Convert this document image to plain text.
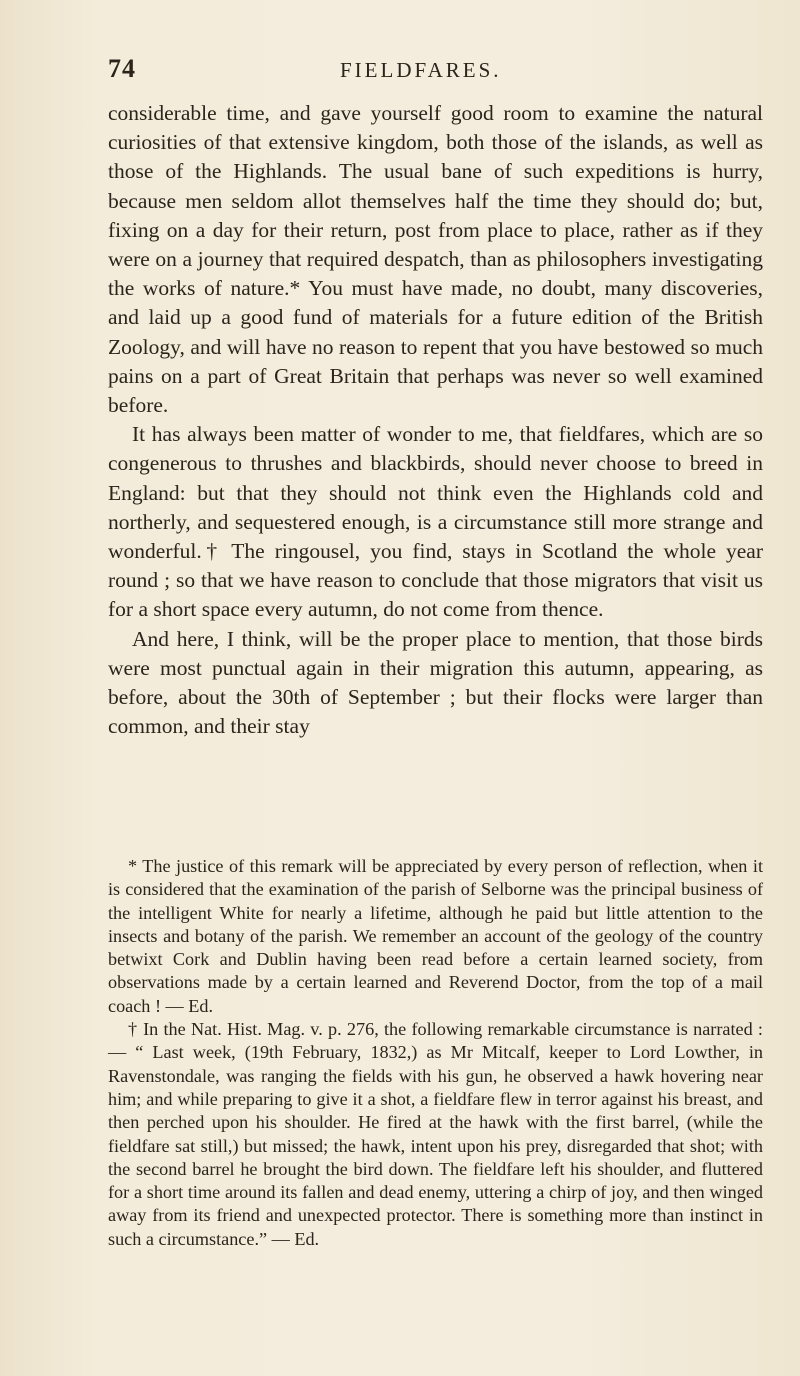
74	FIELDFARES.

considerable time, and gave yourself good room to examine the natural curiosities of that extensive kingdom, both those of the islands, as well as those of the Highlands. The usual bane of such expeditions is hurry, because men seldom allot themselves half the time they should do; but, fixing on a day for their return, post from place to place, rather as if they were on a journey that required despatch, than as philosophers investigating the works of nature.* You must have made, no doubt, many discoveries, and laid up a good fund of materials for a future edition of the British Zoology, and will have no reason to repent that you have bestowed so much pains on a part of Great Britain that perhaps was never so well examined before.

It has always been matter of wonder to me, that fieldfares, which are so congenerous to thrushes and blackbirds, should never choose to breed in England: but that they should not think even the Highlands cold and northerly, and sequestered enough, is a circumstance still more strange and wonderful.† The ringousel, you find, stays in Scotland the whole year round ; so that we have reason to conclude that those migrators that visit us for a short space every autumn, do not come from thence.

And here, I think, will be the proper place to mention, that those birds were most punctual again in their migration this autumn, appearing, as before, about the 30th of September ; but their flocks were larger than common, and their stay

* The justice of this remark will be appreciated by every person of reflection, when it is considered that the examination of the parish of Selborne was the principal business of the intelligent White for nearly a lifetime, although he paid but little attention to the insects and botany of the parish. We remember an account of the geology of the country betwixt Cork and Dublin having been read before a certain learned society, from observations made by a certain learned and Reverend Doctor, from the top of a mail coach ! — Ed.

† In the Nat. Hist. Mag. v. p. 276, the following remarkable circumstance is narrated : — “ Last week, (19th February, 1832,) as Mr Mitcalf, keeper to Lord Lowther, in Ravenstondale, was ranging the fields with his gun, he observed a hawk hovering near him; and while preparing to give it a shot, a fieldfare flew in terror against his breast, and then perched upon his shoulder. He fired at the hawk with the first barrel, (while the fieldfare sat still,) but missed; the hawk, intent upon his prey, disregarded that shot; with the second barrel he brought the bird down. The fieldfare left his shoulder, and fluttered for a short time around its fallen and dead enemy, uttering a chirp of joy, and then winged away from its friend and unexpected protector. There is something more than instinct in such a circumstance.” — Ed.
